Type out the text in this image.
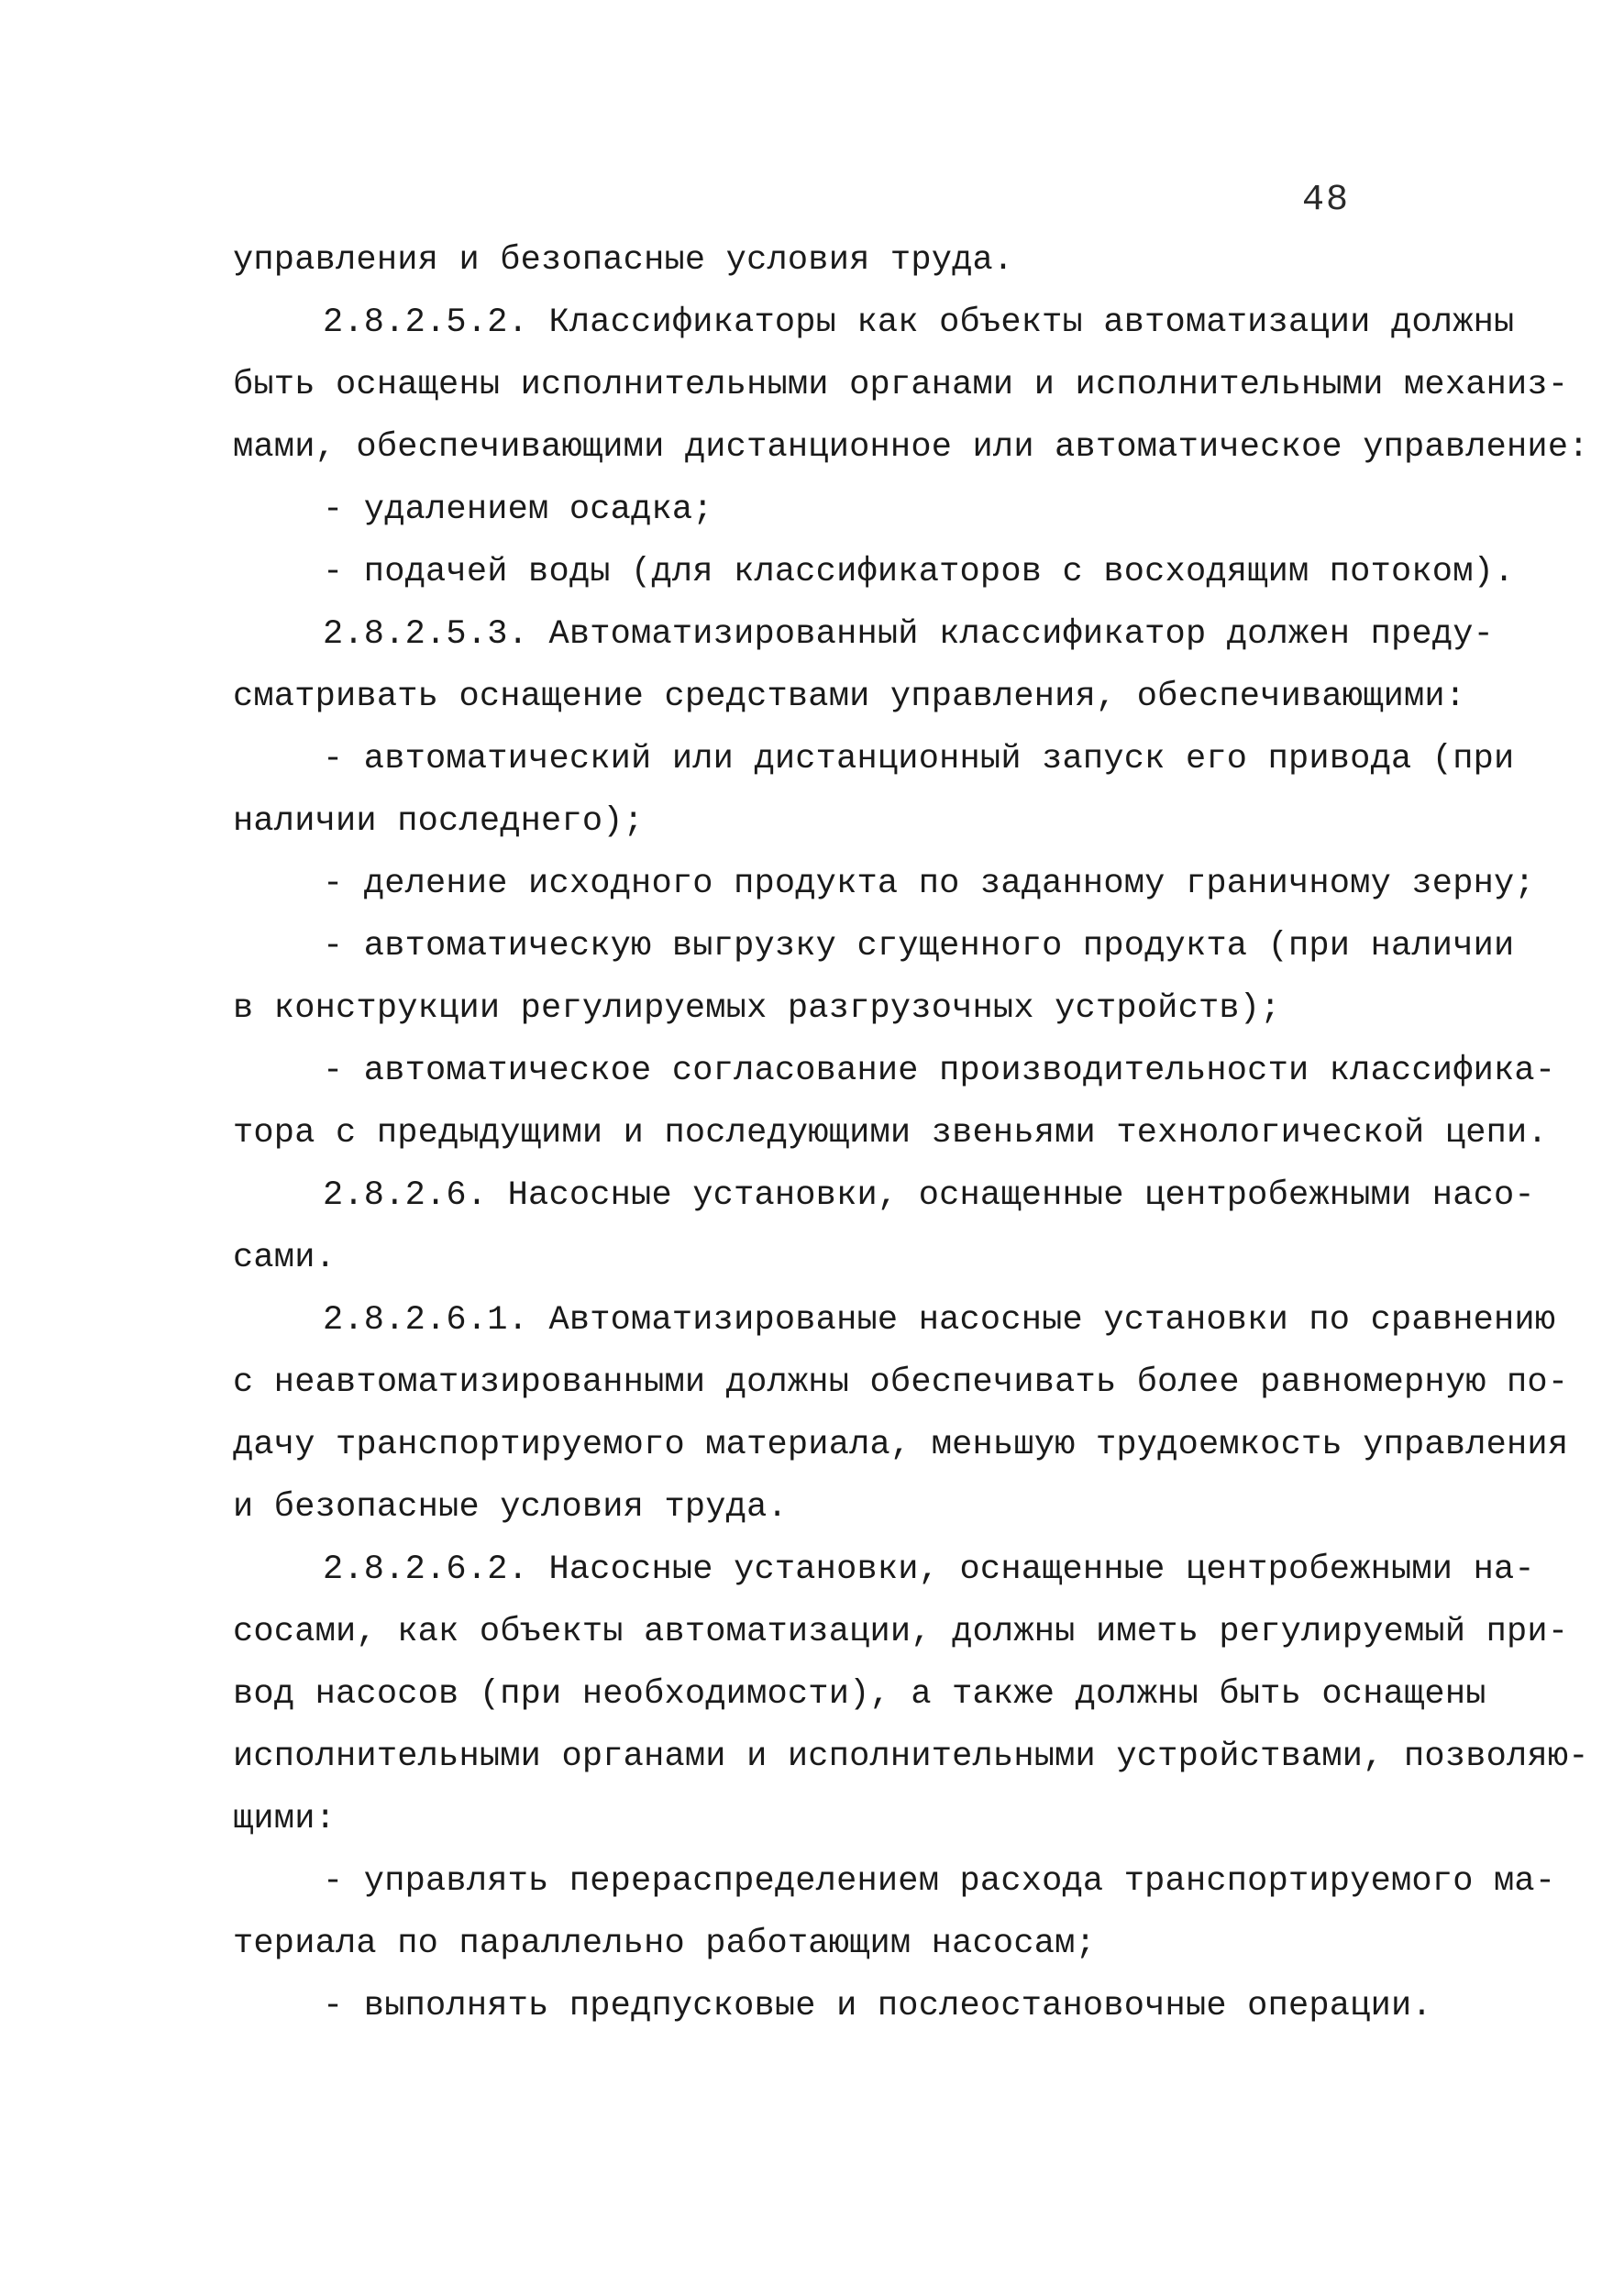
48
управления и безопасные условия труда.
2.8.2.5.2. Классификаторы как объекты автоматизации должны
быть оснащены исполнительными органами и исполнительными механиз-
мами, обеспечивающими дистанционное или автоматическое управление:
- удалением осадка;
- подачей воды (для классификаторов с восходящим потоком).
2.8.2.5.3. Автоматизированный классификатор должен преду-
сматривать оснащение средствами управления, обеспечивающими:
- автоматический или дистанционный запуск его привода (при
наличии последнего);
- деление исходного продукта по заданному граничному зерну;
- автоматическую выгрузку сгущенного продукта (при наличии
в конструкции регулируемых разгрузочных устройств);
- автоматическое согласование производительности классифика-
тора с предыдущими и последующими звеньями технологической цепи.
2.8.2.6. Насосные установки, оснащенные центробежными насо-
сами.
2.8.2.6.1. Автоматизированые насосные установки по сравнению
с неавтоматизированными должны обеспечивать более равномерную по-
дачу транспортируемого материала, меньшую трудоемкость управления
и безопасные условия труда.
2.8.2.6.2. Насосные установки, оснащенные центробежными на-
сосами, как объекты автоматизации, должны иметь регулируемый при-
вод насосов (при необходимости), а также должны быть оснащены
исполнительными органами и исполнительными устройствами, позволяю-
щими:
- управлять перераспределением расхода транспортируемого ма-
териала по параллельно работающим насосам;
- выполнять предпусковые и послеостановочные операции.
